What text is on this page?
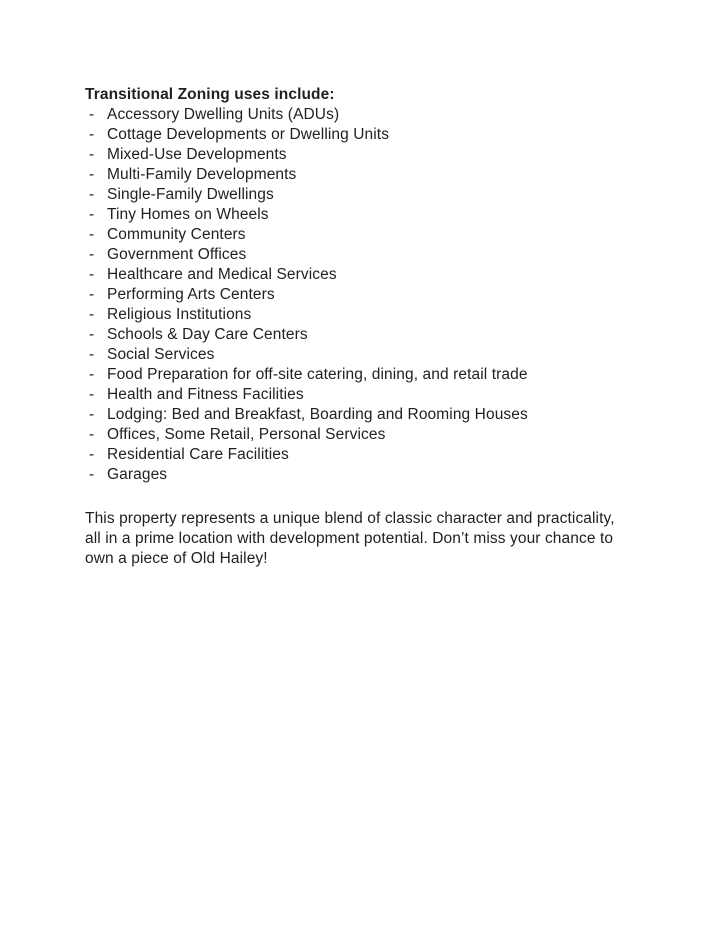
Transitional Zoning uses include:

- Accessory Dwelling Units (ADUs)
- Cottage Developments or Dwelling Units
- Mixed-Use Developments
- Multi-Family Developments
- Single-Family Dwellings
- Tiny Homes on Wheels
- Community Centers
- Government Offices
- Healthcare and Medical Services
- Performing Arts Centers
- Religious Institutions
- Schools & Day Care Centers
- Social Services
- Food Preparation for off-site catering, dining, and retail trade
- Health and Fitness Facilities
- Lodging: Bed and Breakfast, Boarding and Rooming Houses
- Offices, Some Retail, Personal Services
- Residential Care Facilities
- Garages
This property represents a unique blend of classic character and practicality,
all in a prime location with development potential. Don’t miss your chance to
own a piece of Old Hailey!
